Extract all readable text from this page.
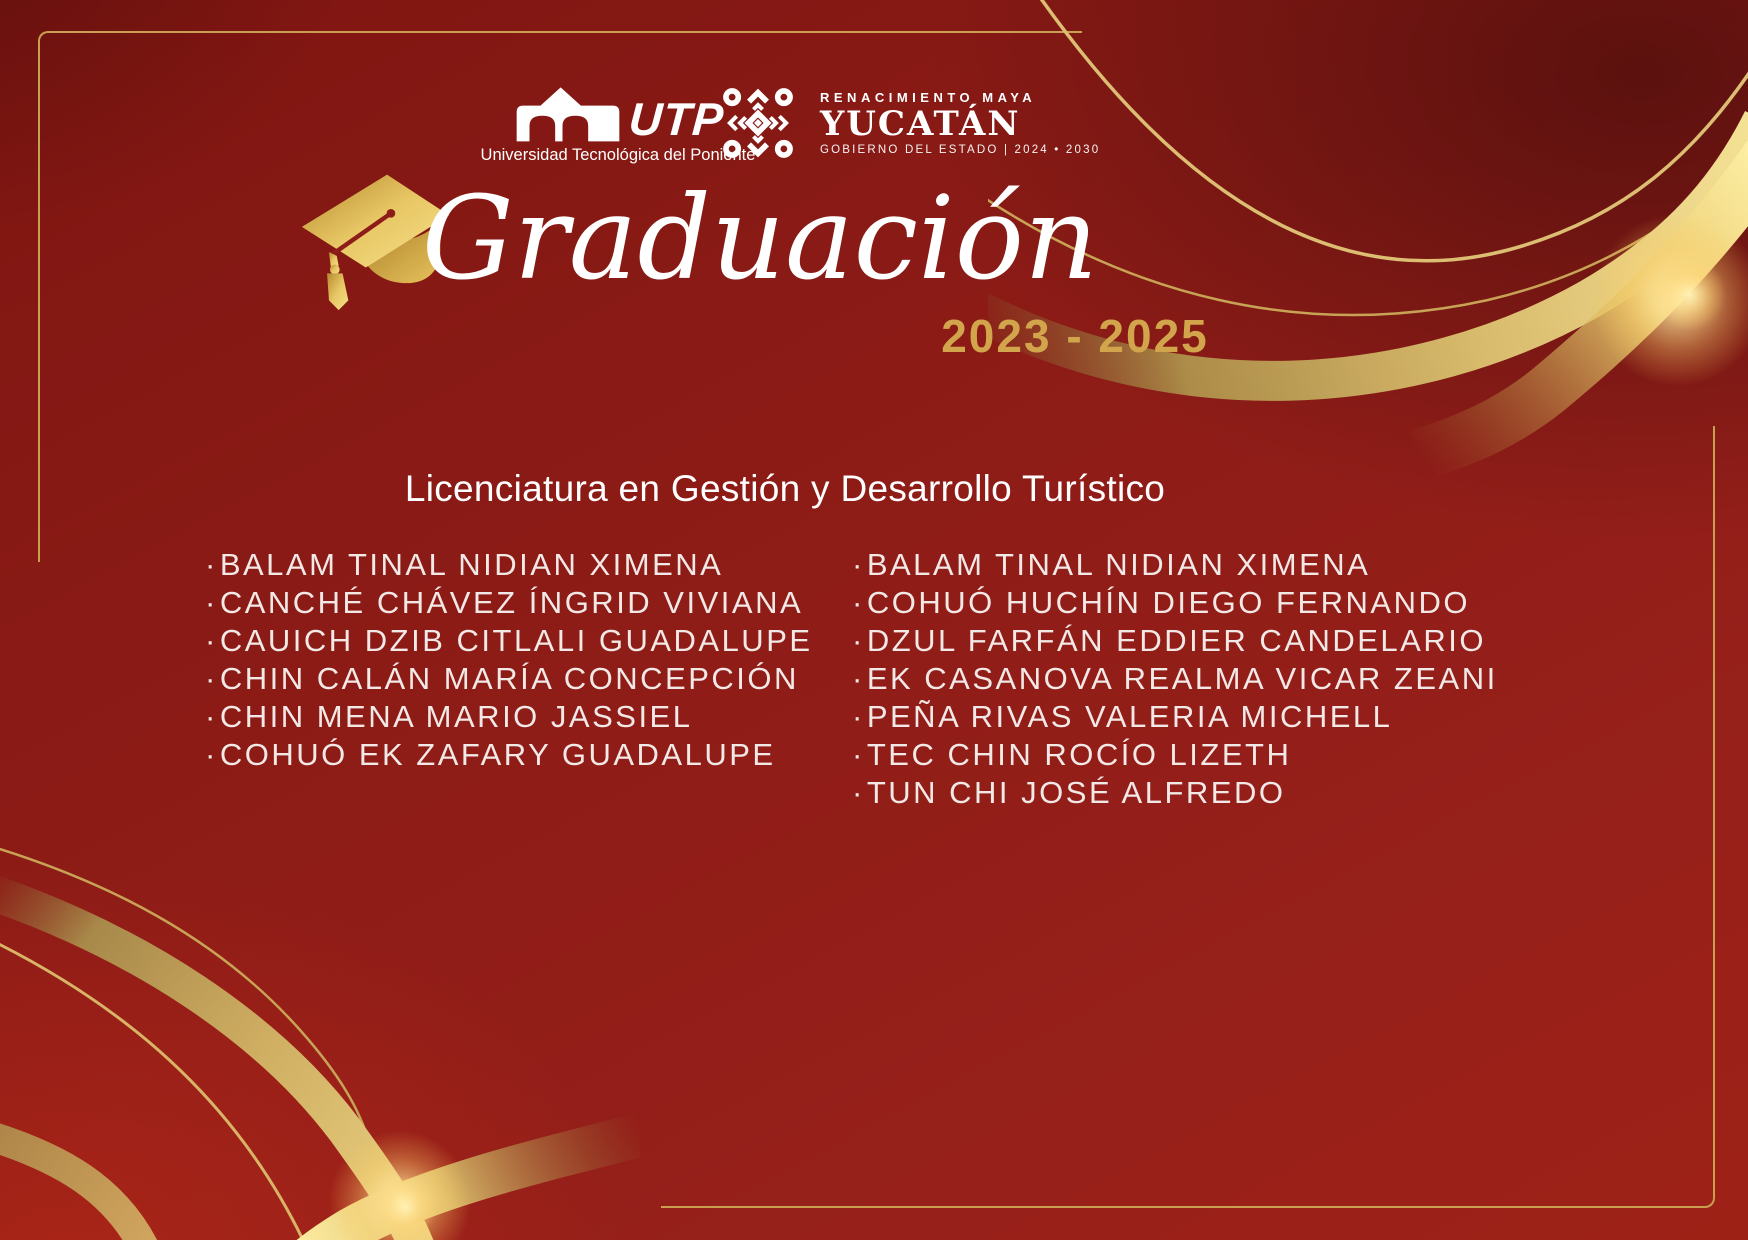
UTP
Universidad Tecnológica del Poniente
RENACIMIENTO MAYA
YUCATÁN
GOBIERNO DEL ESTADO | 2024 • 2030
Graduación
2023 - 2025
Licenciatura en Gestión y Desarrollo Turístico
·BALAM TINAL NIDIAN XIMENA
·CANCHÉ CHÁVEZ ÍNGRID VIVIANA
·CAUICH DZIB CITLALI GUADALUPE
·CHIN CALÁN MARÍA CONCEPCIÓN
·CHIN MENA MARIO JASSIEL
·COHUÓ EK ZAFARY GUADALUPE
·BALAM TINAL NIDIAN XIMENA
·COHUÓ HUCHÍN DIEGO FERNANDO
·DZUL FARFÁN EDDIER CANDELARIO
·EK CASANOVA REALMA VICAR ZEANI
·PEÑA RIVAS VALERIA MICHELL
·TEC CHIN ROCÍO LIZETH
·TUN CHI JOSÉ ALFREDO
